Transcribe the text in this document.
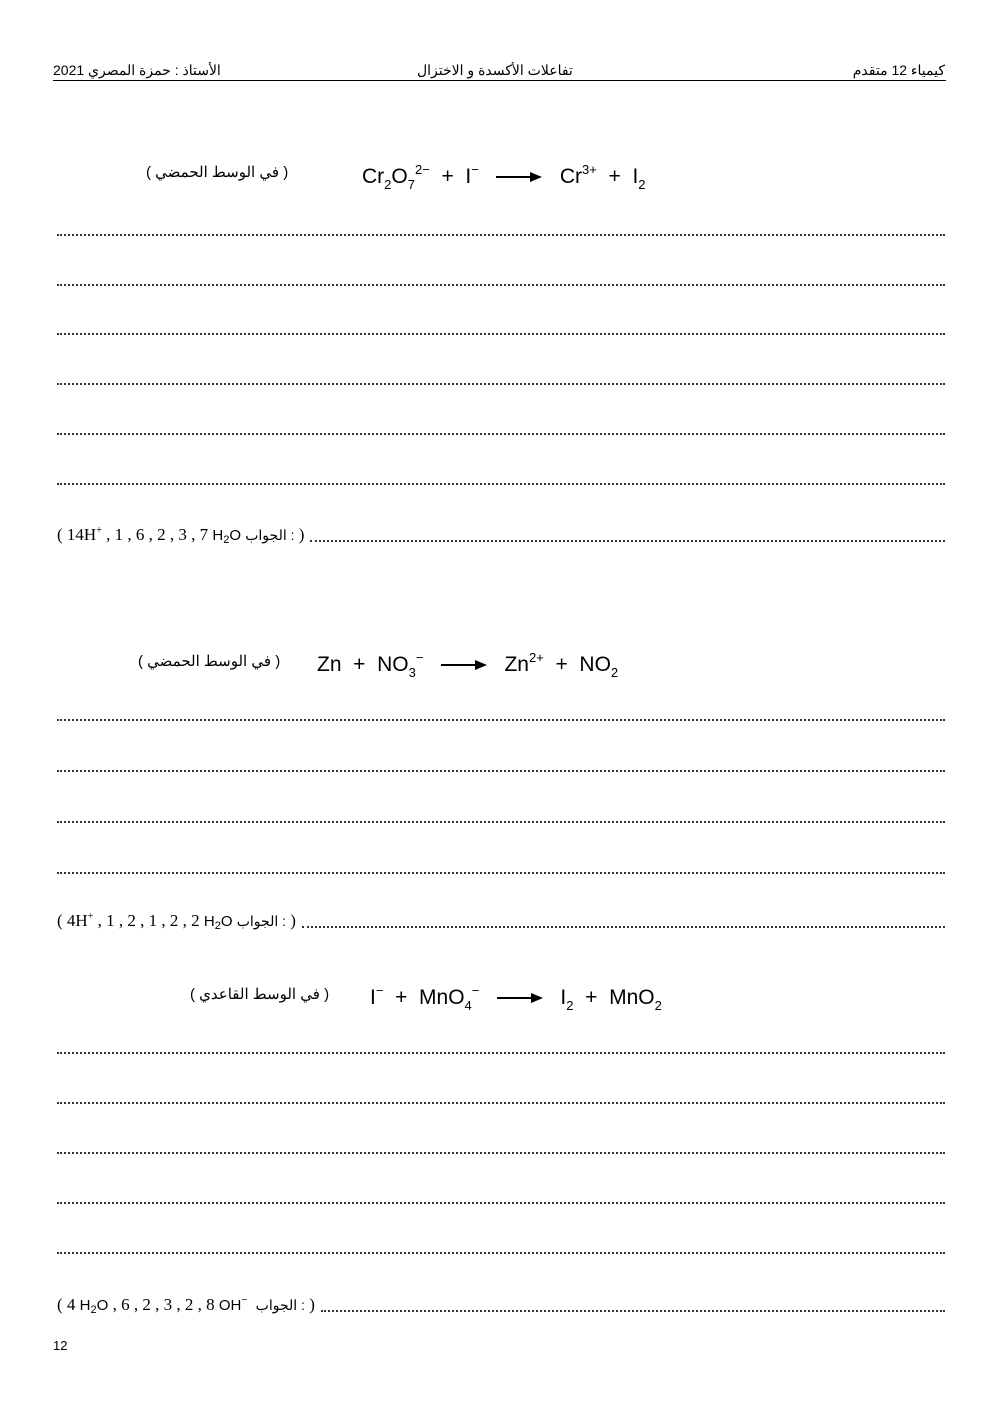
كيمياء 12 متقدم
تفاعلات الأكسدة و الاختزال
الأستاذ : حمزة المصري 2021
( في الوسط الحمضي )	$Cr_2O_7^{2-} + I^- \to Cr^{3+} + I_2$
( 14H+ , 1 , 6 , 2 , 3 , 7 $H_2O$ : الجواب )
( في الوسط الحمضي ) $Zn + NO_3^- \to Zn^{2+} + NO_2$
( 4H+ , 1 , 2 , 1 , 2 , 2 $H_2O$ : الجواب )
( في الوسط القاعدي ) $I^- + MnO_4^- \to I_2 + MnO_2$
( 4 $H_2O$ , 6 , 2 , 3 , 2 , 8 OH− : الجواب )
12
